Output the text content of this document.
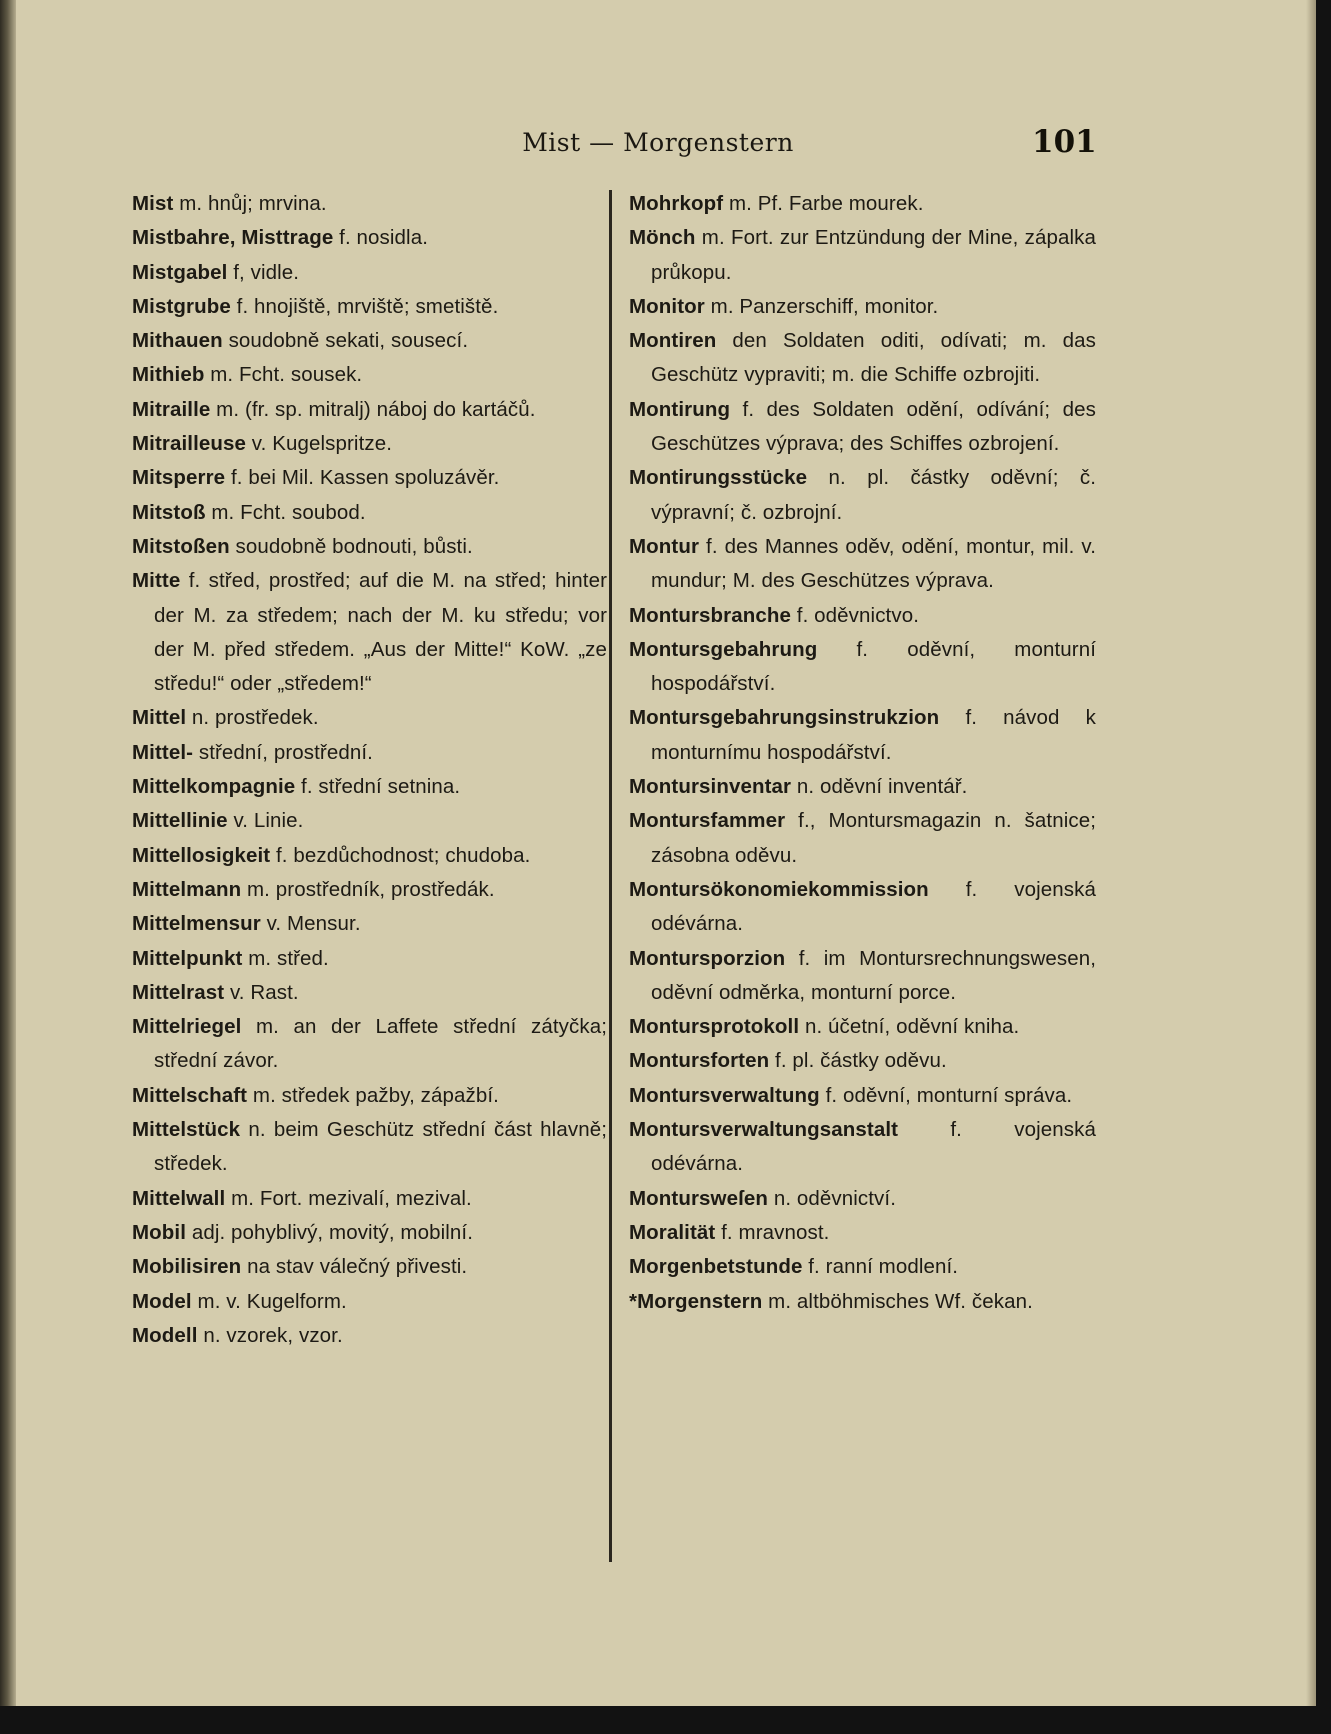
Mist — Morgenstern	101
Mist m. hnůj; mrvina.
Mistbahre, Misttrage f. nosidla.
Mistgabel f, vidle.
Mistgrube f. hnojiště, mrviště; smetiště.
Mithauen soudobně sekati, sousecí.
Mithieb m. Fcht. sousek.
Mitraille m. (fr. sp. mitralj) náboj do kartáčů.
Mitrailleuse v. Kugelspritze.
Mitsperre f. bei Mil. Kassen spoluzávěr.
Mitstoß m. Fcht. soubod.
Mitstoßen soudobně bodnouti, bůsti.
Mitte f. střed, prostřed; auf die M. na střed; hinter der M. za středem; nach der M. ku středu; vor der M. před středem. „Aus der Mitte!“ KoW. „ze středu!“ oder „středem!“
Mittel n. prostředek.
Mittel- střední, prostřední.
Mittelkompagnie f. střední setnina.
Mittellinie v. Linie.
Mittellosigkeit f. bezdůchodnost; chudoba.
Mittelmann m. prostředník, prostředák.
Mittelmensur v. Mensur.
Mittelpunkt m. střed.
Mittelrast v. Rast.
Mittelriegel m. an der Laffete střední zátyčka; střední závor.
Mittelschaft m. středek pažby, zápažbí.
Mittelstück n. beim Geschütz střední část hlavně; středek.
Mittelwall m. Fort. mezivalí, mezival.
Mobil adj. pohyblivý, movitý, mobilní.
Mobilisiren na stav válečný přivesti.
Model m. v. Kugelform.
Modell n. vzorek, vzor.
Mohrkopf m. Pf. Farbe mourek.
Mönch m. Fort. zur Entzündung der Mine, zápalka průkopu.
Monitor m. Panzerschiff, monitor.
Montiren den Soldaten oditi, odívati; m. das Geschütz vypraviti; m. die Schiffe ozbrojiti.
Montirung f. des Soldaten odění, odívání; des Geschützes výprava; des Schiffes ozbrojení.
Montirungsstücke n. pl. částky oděvní; č. výpravní; č. ozbrojní.
Montur f. des Mannes oděv, odění, montur, mil. v. mundur; M. des Geschützes výprava.
Montursbranche f. oděvnictvo.
Montursgebahrung f. oděvní, monturní hospodářství.
Montursgebahrungsinstrukzion f. návod k monturnímu hospodářství.
Montursinventar n. oděvní inventář.
Montursfammer f., Montursmagazin n. šatnice; zásobna oděvu.
Montursökonomiekommission f. vojenská odévárna.
Montursporzion f. im Montursrechnungswesen, oděvní odměrka, monturní porce.
Montursprotokoll n. účetní, oděvní kniha.
Montursforten f. pl. částky oděvu.
Montursverwaltung f. oděvní, monturní správa.
Montursverwaltungsanstalt	f. vojenská odévárna.
Montursweſen n. oděvnictví.
Moralität f. mravnost.
Morgenbetstunde f. ranní modlení.
*Morgenstern m. altböhmisches Wf. čekan.
